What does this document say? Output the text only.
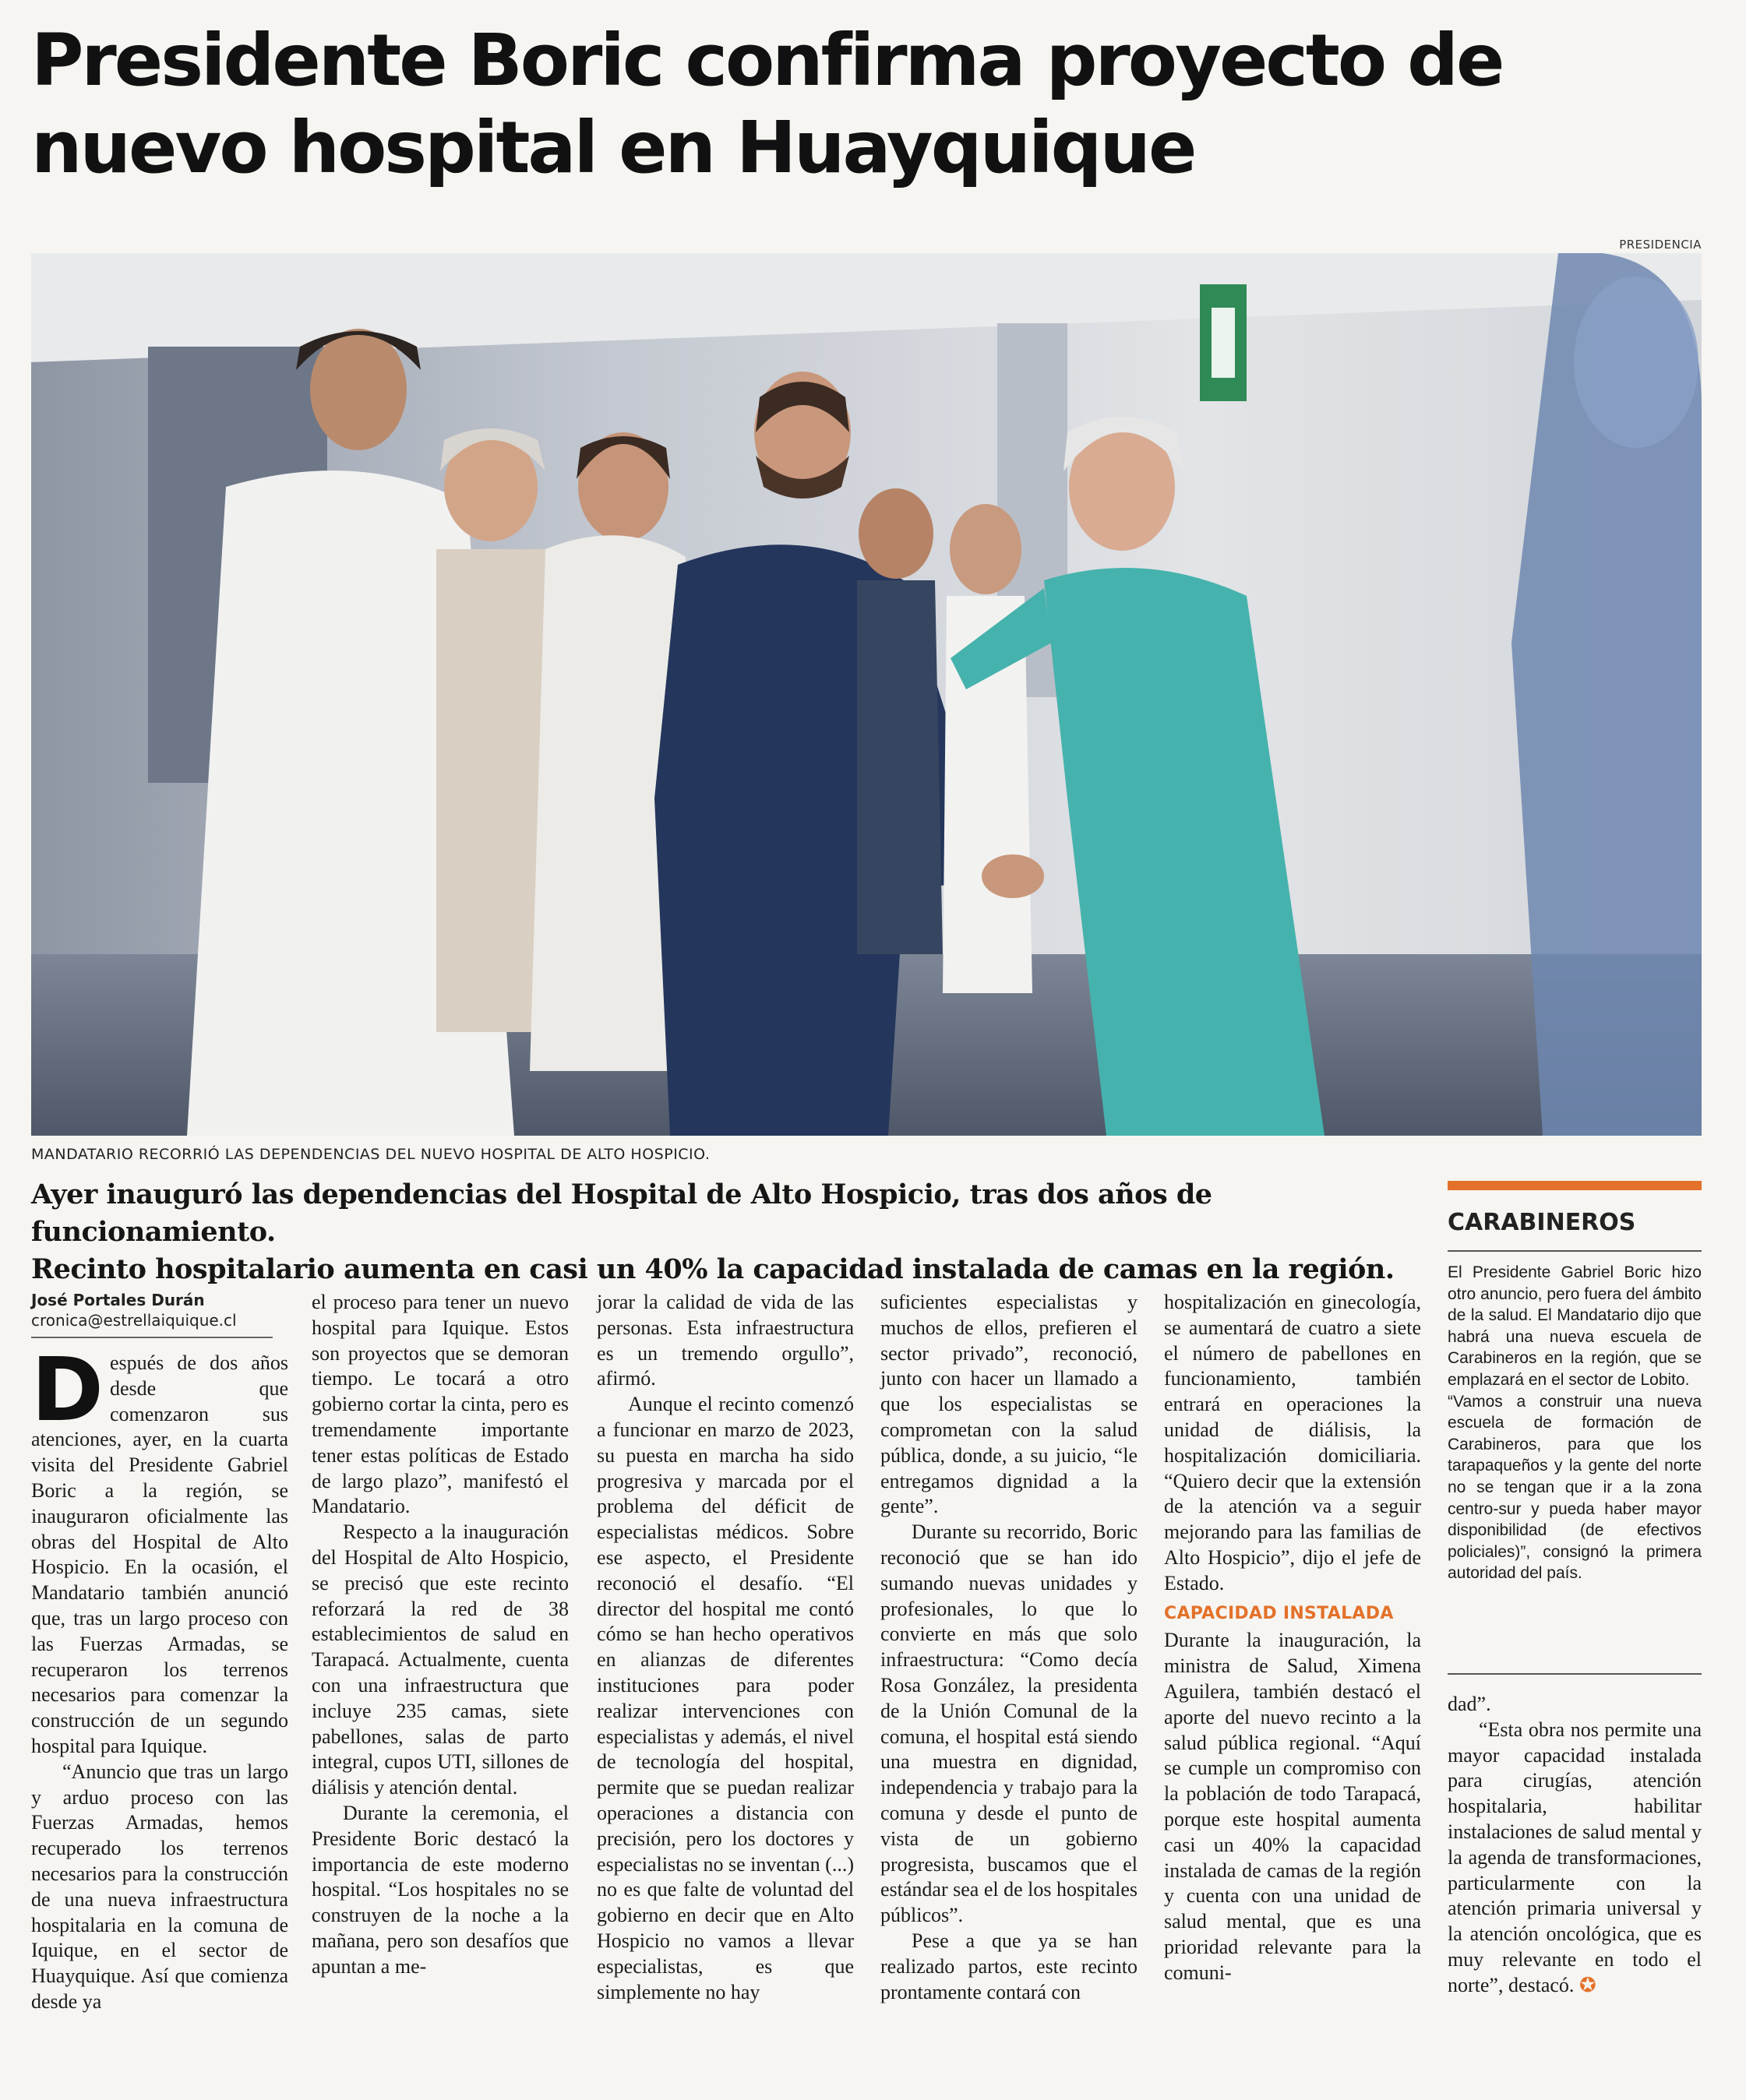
Presidente Boric confirma proyecto de nuevo hospital en Huayquique
PRESIDENCIA
MANDATARIO RECORRIÓ LAS DEPENDENCIAS DEL NUEVO HOSPITAL DE ALTO HOSPICIO.

Ayer inauguró las dependencias del Hospital de Alto Hospicio, tras dos años de funcionamiento.

Recinto hospitalario aumenta en casi un 40% la capacidad instalada de camas en la región.

CARABINEROS

El Presidente Gabriel Boric hizo otro anuncio, pero fuera del ámbito de la salud. El Mandatario dijo que habrá una nueva escuela de Carabineros en la región, que se emplazará en el sector de Lobito.

“Vamos a construir una nueva escuela de formación de Carabineros, para que los tarapaqueños y la gente del norte no se tengan que ir a la zona centro-sur y pueda haber mayor disponibilidad (de efectivos policiales)”, consignó la primera autoridad del país.

José Portales Durán
cronica@estrellaiquique.cl

Después de dos años desde que comenzaron sus atenciones, ayer, en la cuarta visita del Presidente Gabriel Boric a la región, se inauguraron oficialmente las obras del Hospital de Alto Hospicio. En la ocasión, el Mandatario también anunció que, tras un largo proceso con las Fuerzas Armadas, se recuperaron los terrenos necesarios para comenzar la construcción de un segundo hospital para Iquique.

“Anuncio que tras un largo y arduo proceso con las Fuerzas Armadas, hemos recuperado los terrenos necesarios para la construcción de una nueva infraestructura hospitalaria en la comuna de Iquique, en el sector de Huayquique. Así que comienza desde ya

el proceso para tener un nuevo hospital para Iquique. Estos son proyectos que se demoran tiempo. Le tocará a otro gobierno cortar la cinta, pero es tremendamente importante tener estas políticas de Estado de largo plazo”, manifestó el Mandatario.

Respecto a la inauguración del Hospital de Alto Hospicio, se precisó que este recinto reforzará la red de 38 establecimientos de salud en Tarapacá. Actualmente, cuenta con una infraestructura que incluye 235 camas, siete pabellones, salas de parto integral, cupos UTI, sillones de diálisis y atención dental.

Durante la ceremonia, el Presidente Boric destacó la importancia de este moderno hospital. “Los hospitales no se construyen de la noche a la mañana, pero son desafíos que apuntan a me-

jorar la calidad de vida de las personas. Esta infraestructura es un tremendo orgullo”, afirmó.

Aunque el recinto comenzó a funcionar en marzo de 2023, su puesta en marcha ha sido progresiva y marcada por el problema del déficit de especialistas médicos. Sobre ese aspecto, el Presidente reconoció el desafío. “El director del hospital me contó cómo se han hecho operativos en alianzas de diferentes instituciones para poder realizar intervenciones con especialistas y además, el nivel de tecnología del hospital, permite que se puedan realizar operaciones a distancia con precisión, pero los doctores y especialistas no se inventan (...) no es que falte de voluntad del gobierno en decir que en Alto Hospicio no vamos a llevar especialistas, es que simplemente no hay

suficientes especialistas y muchos de ellos, prefieren el sector privado”, reconoció, junto con hacer un llamado a que los especialistas se comprometan con la salud pública, donde, a su juicio, “le entregamos dignidad a la gente”.

Durante su recorrido, Boric reconoció que se han ido sumando nuevas unidades y profesionales, lo que lo convierte en más que solo infraestructura: “Como decía Rosa González, la presidenta de la Unión Comunal de la comuna, el hospital está siendo una muestra en dignidad, independencia y trabajo para la comuna y desde el punto de vista de un gobierno progresista, buscamos que el estándar sea el de los hospitales públicos”.

Pese a que ya se han realizado partos, este recinto prontamente contará con

hospitalización en ginecología, se aumentará de cuatro a siete el número de pabellones en funcionamiento, también entrará en operaciones la unidad de diálisis, la hospitalización domiciliaria. “Quiero decir que la extensión de la atención va a seguir mejorando para las familias de Alto Hospicio”, dijo el jefe de Estado.

CAPACIDAD INSTALADA

Durante la inauguración, la ministra de Salud, Ximena Aguilera, también destacó el aporte del nuevo recinto a la salud pública regional. “Aquí se cumple un compromiso con la población de todo Tarapacá, porque este hospital aumenta casi un 40% la capacidad instalada de camas de la región y cuenta con una unidad de salud mental, que es una prioridad relevante para la comuni-

dad”.

“Esta obra nos permite una mayor capacidad instalada para cirugías, atención hospitalaria, habilitar instalaciones de salud mental y la agenda de transformaciones, particularmente con la atención primaria universal y la atención oncológica, que es muy relevante en todo el norte”, destacó. ✪
